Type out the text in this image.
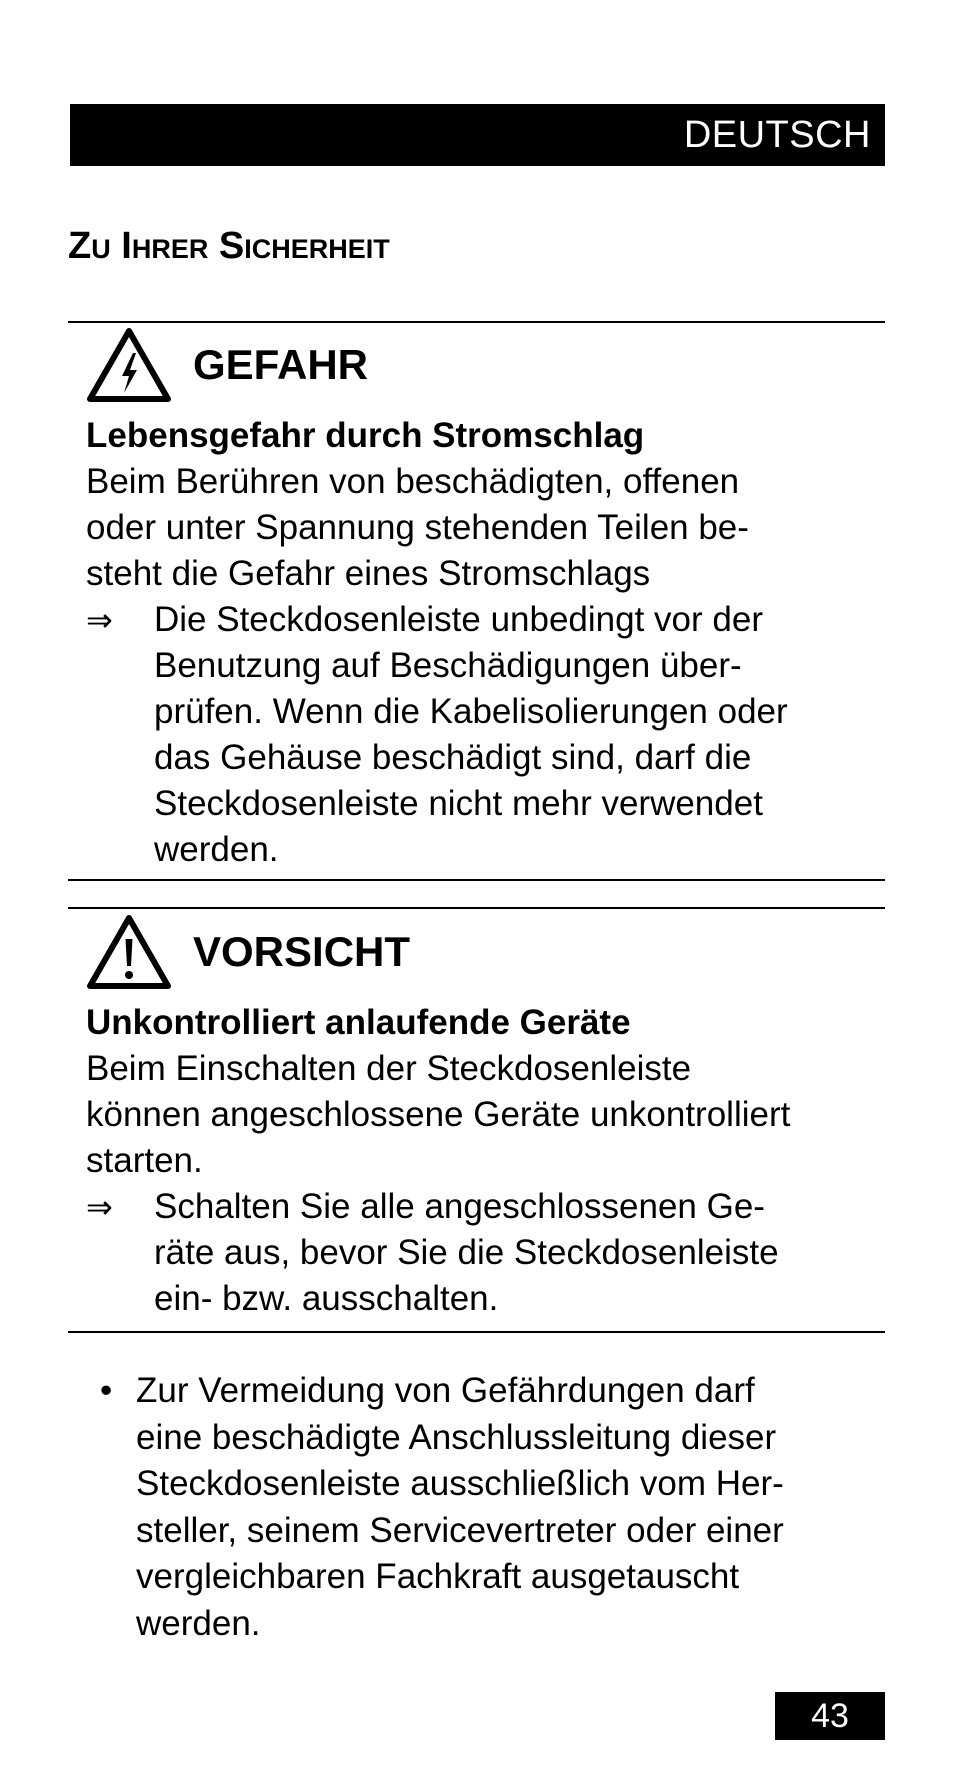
DEUTSCH
Zu Ihrer Sicherheit
GEFAHR
Lebensgefahr durch Stromschlag
Beim Berühren von beschädigten, offenen
oder unter Spannung stehenden Teilen be-
steht die Gefahr eines Stromschlags
⇒ Die Steckdosenleiste unbedingt vor der
Benutzung auf Beschädigungen über-
prüfen. Wenn die Kabelisolierungen oder
das Gehäuse beschädigt sind, darf die
Steckdosenleiste nicht mehr verwendet
werden.
VORSICHT
Unkontrolliert anlaufende Geräte
Beim Einschalten der Steckdosenleiste
können angeschlossene Geräte unkontrolliert
starten.
⇒ Schalten Sie alle angeschlossenen Ge-
räte aus, bevor Sie die Steckdosenleiste
ein- bzw. ausschalten.
• Zur Vermeidung von Gefährdungen darf
eine beschädigte Anschlussleitung dieser
Steckdosenleiste ausschließlich vom Her-
steller, seinem Servicevertreter oder einer
vergleichbaren Fachkraft ausgetauscht
werden.
43
